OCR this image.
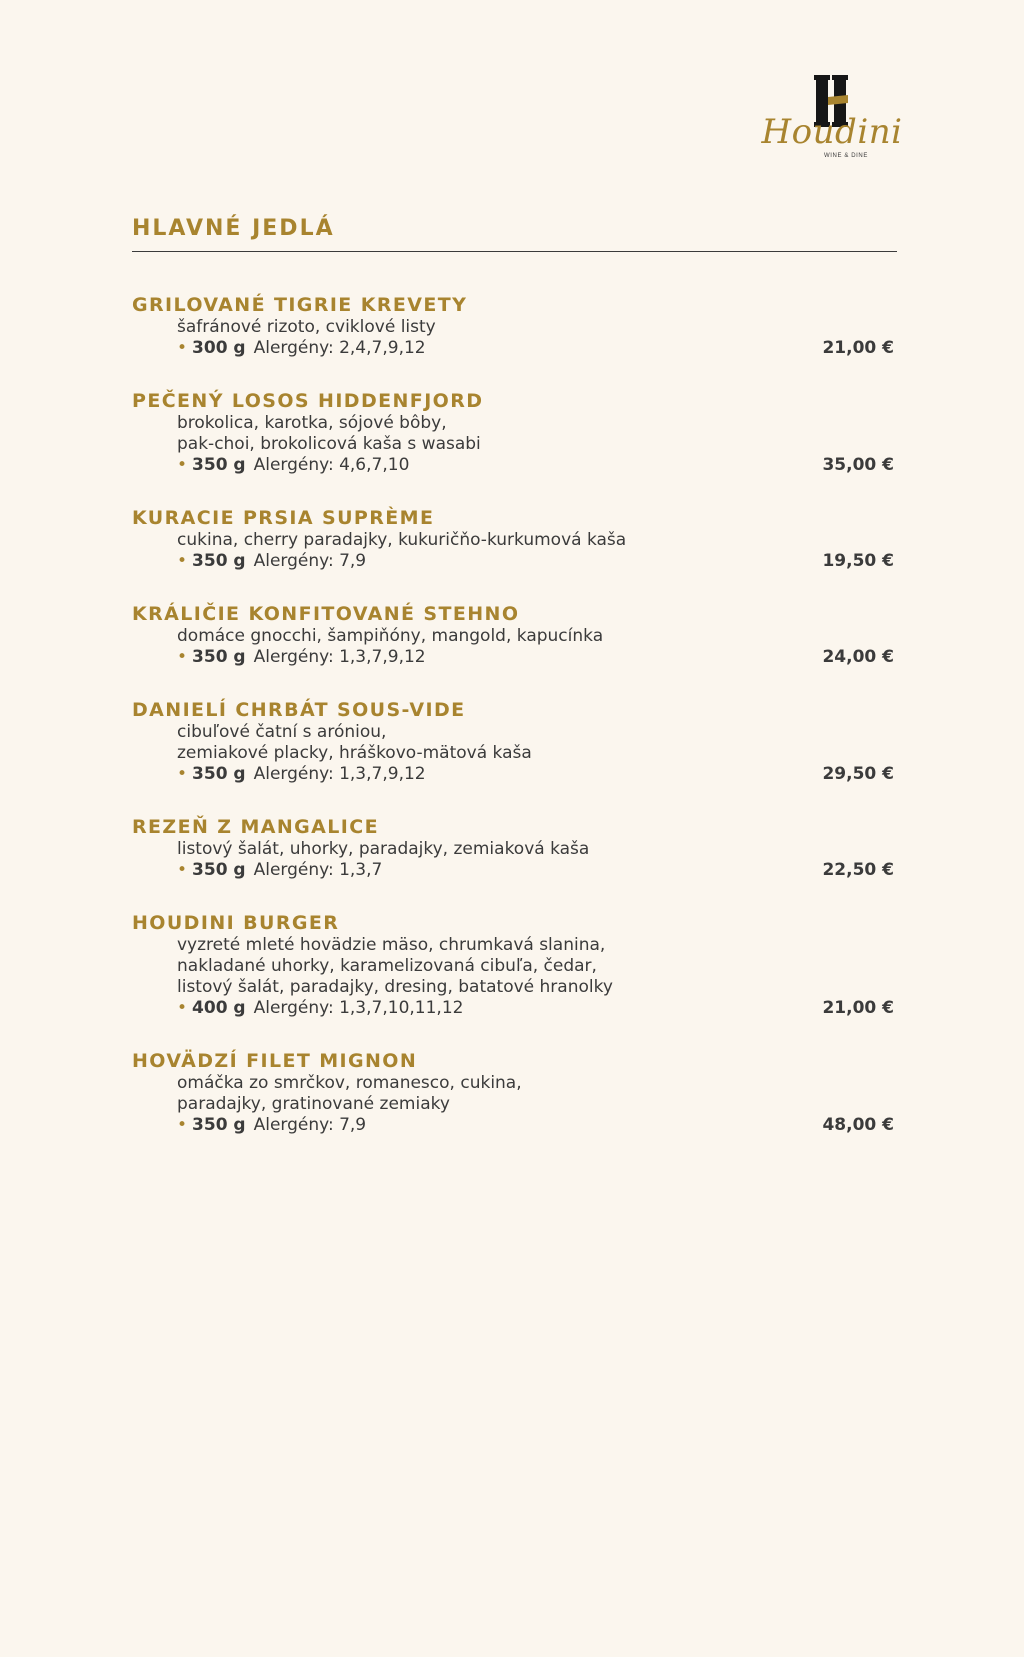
Houdini
WINE & DINE
HLAVNÉ JEDLÁ
GRILOVANÉ TIGRIE KREVETY
šafránové rizoto, cviklové listy
• 300 g Alergény: 2,4,7,9,12	21,00 €
PEČENÝ LOSOS HIDDENFJORD
brokolica, karotka, sójové bôby,
pak-choi, brokolicová kaša s wasabi
• 350 g Alergény: 4,6,7,10	35,00 €
KURACIE PRSIA SUPRÈME
cukina, cherry paradajky, kukuričňo-kurkumová kaša
• 350 g Alergény: 7,9	19,50 €
KRÁLIČIE KONFITOVANÉ STEHNO
domáce gnocchi, šampiňóny, mangold, kapucínka
• 350 g Alergény: 1,3,7,9,12	24,00 €
DANIELÍ CHRBÁT SOUS-VIDE
cibuľové čatní s aróniou,
zemiakové placky, hráškovo-mätová kaša
• 350 g Alergény: 1,3,7,9,12	29,50 €
REZEŇ Z MANGALICE
listový šalát, uhorky, paradajky, zemiaková kaša
• 350 g Alergény: 1,3,7	22,50 €
HOUDINI BURGER
vyzreté mleté hovädzie mäso, chrumkavá slanina,
nakladané uhorky, karamelizovaná cibuľa, čedar,
listový šalát, paradajky, dresing, batatové hranolky
• 400 g Alergény: 1,3,7,10,11,12	21,00 €
HOVÄDZÍ FILET MIGNON
omáčka zo smrčkov, romanesco, cukina,
paradajky, gratinované zemiaky
• 350 g Alergény: 7,9	48,00 €
